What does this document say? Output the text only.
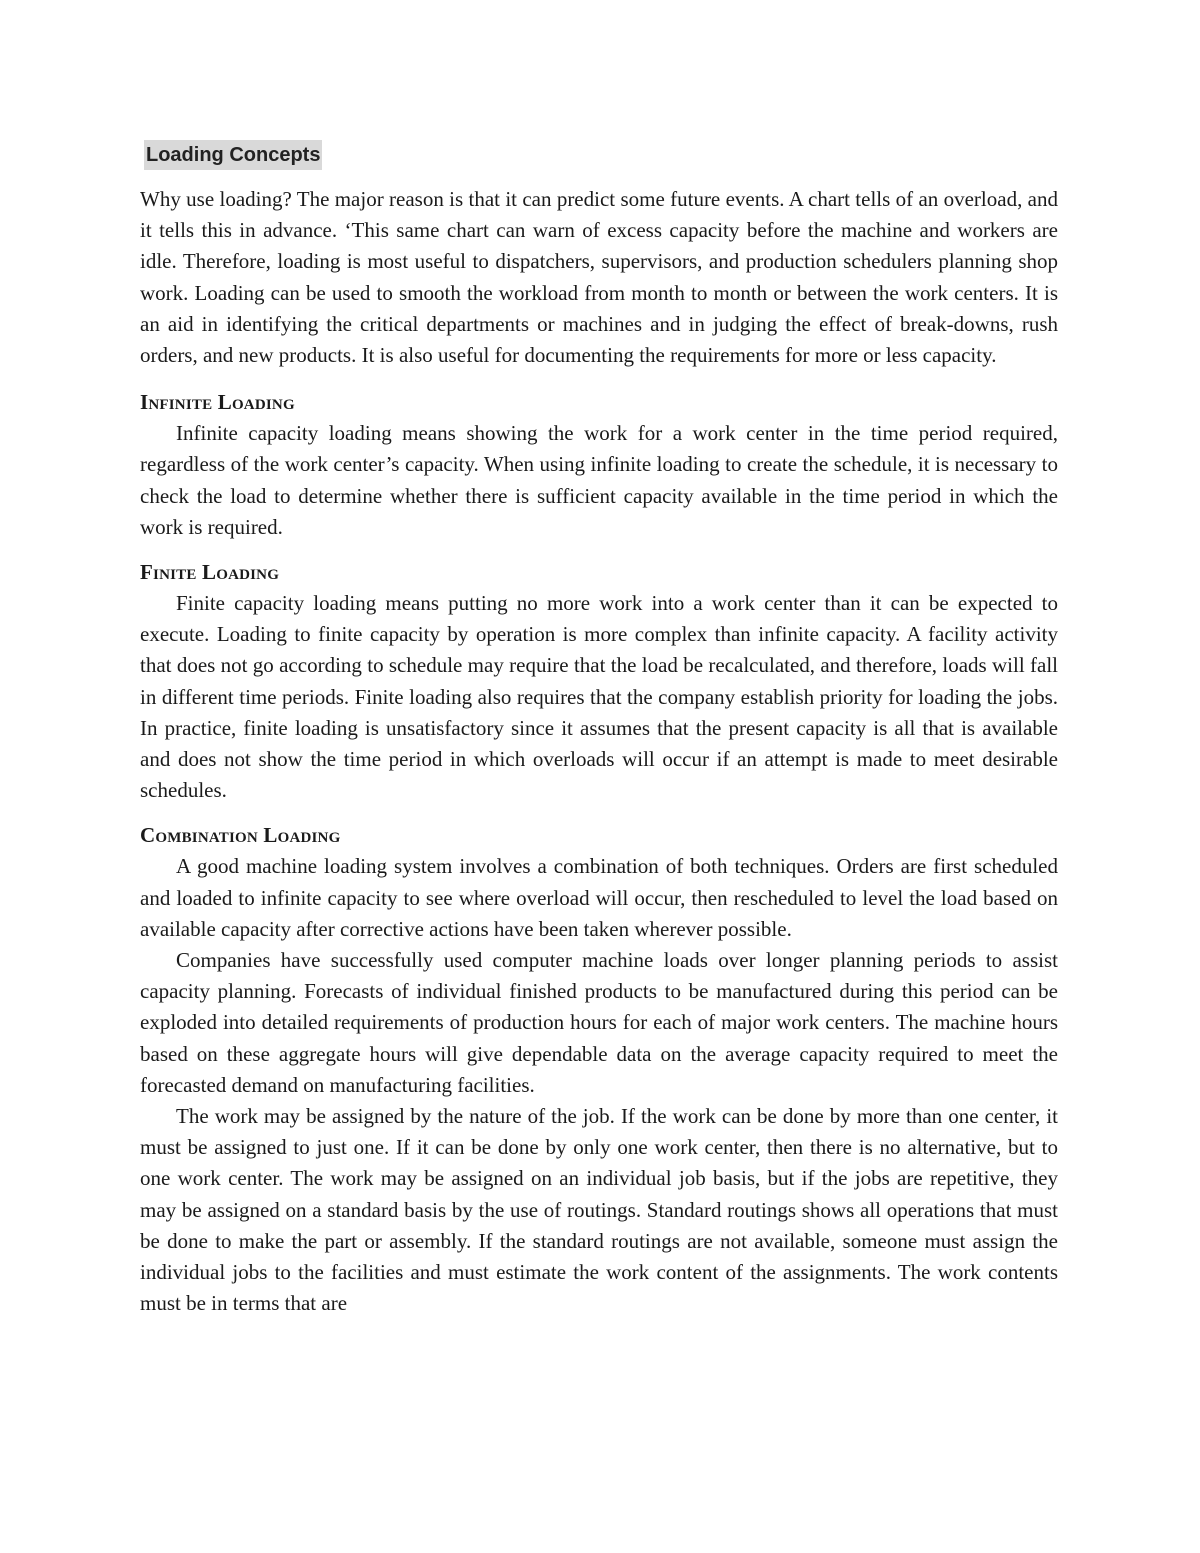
Loading Concepts

Why use loading? The major reason is that it can predict some future events. A chart tells of an overload, and it tells this in advance. ‘This same chart can warn of excess capacity before the machine and workers are idle. Therefore, loading is most useful to dispatchers, supervisors, and production schedulers planning shop work. Loading can be used to smooth the workload from month to month or between the work centers. It is an aid in identifying the critical departments or machines and in judging the effect of break-downs, rush orders, and new products. It is also useful for documenting the requirements for more or less capacity.

Infinite Loading

Infinite capacity loading means showing the work for a work center in the time period required, regardless of the work center’s capacity. When using infinite loading to create the schedule, it is necessary to check the load to determine whether there is sufficient capacity available in the time period in which the work is required.

Finite Loading

Finite capacity loading means putting no more work into a work center than it can be expected to execute. Loading to finite capacity by operation is more complex than infinite capacity. A facility activity that does not go according to schedule may require that the load be recalculated, and therefore, loads will fall in different time periods. Finite loading also requires that the company establish priority for loading the jobs. In practice, finite loading is unsatisfactory since it assumes that the present capacity is all that is available and does not show the time period in which overloads will occur if an attempt is made to meet desirable schedules.

Combination Loading

A good machine loading system involves a combination of both techniques. Orders are first scheduled and loaded to infinite capacity to see where overload will occur, then rescheduled to level the load based on available capacity after corrective actions have been taken wherever possible.

Companies have successfully used computer machine loads over longer planning periods to assist capacity planning. Forecasts of individual finished products to be manufactured during this period can be exploded into detailed requirements of production hours for each of major work centers. The machine hours based on these aggregate hours will give dependable data on the average capacity required to meet the forecasted demand on manufacturing facilities.

The work may be assigned by the nature of the job. If the work can be done by more than one center, it must be assigned to just one. If it can be done by only one work center, then there is no alternative, but to one work center. The work may be assigned on an individual job basis, but if the jobs are repetitive, they may be assigned on a standard basis by the use of routings. Standard routings shows all operations that must be done to make the part or assembly. If the standard routings are not available, someone must assign the individual jobs to the facilities and must estimate the work content of the assignments. The work contents must be in terms that are
